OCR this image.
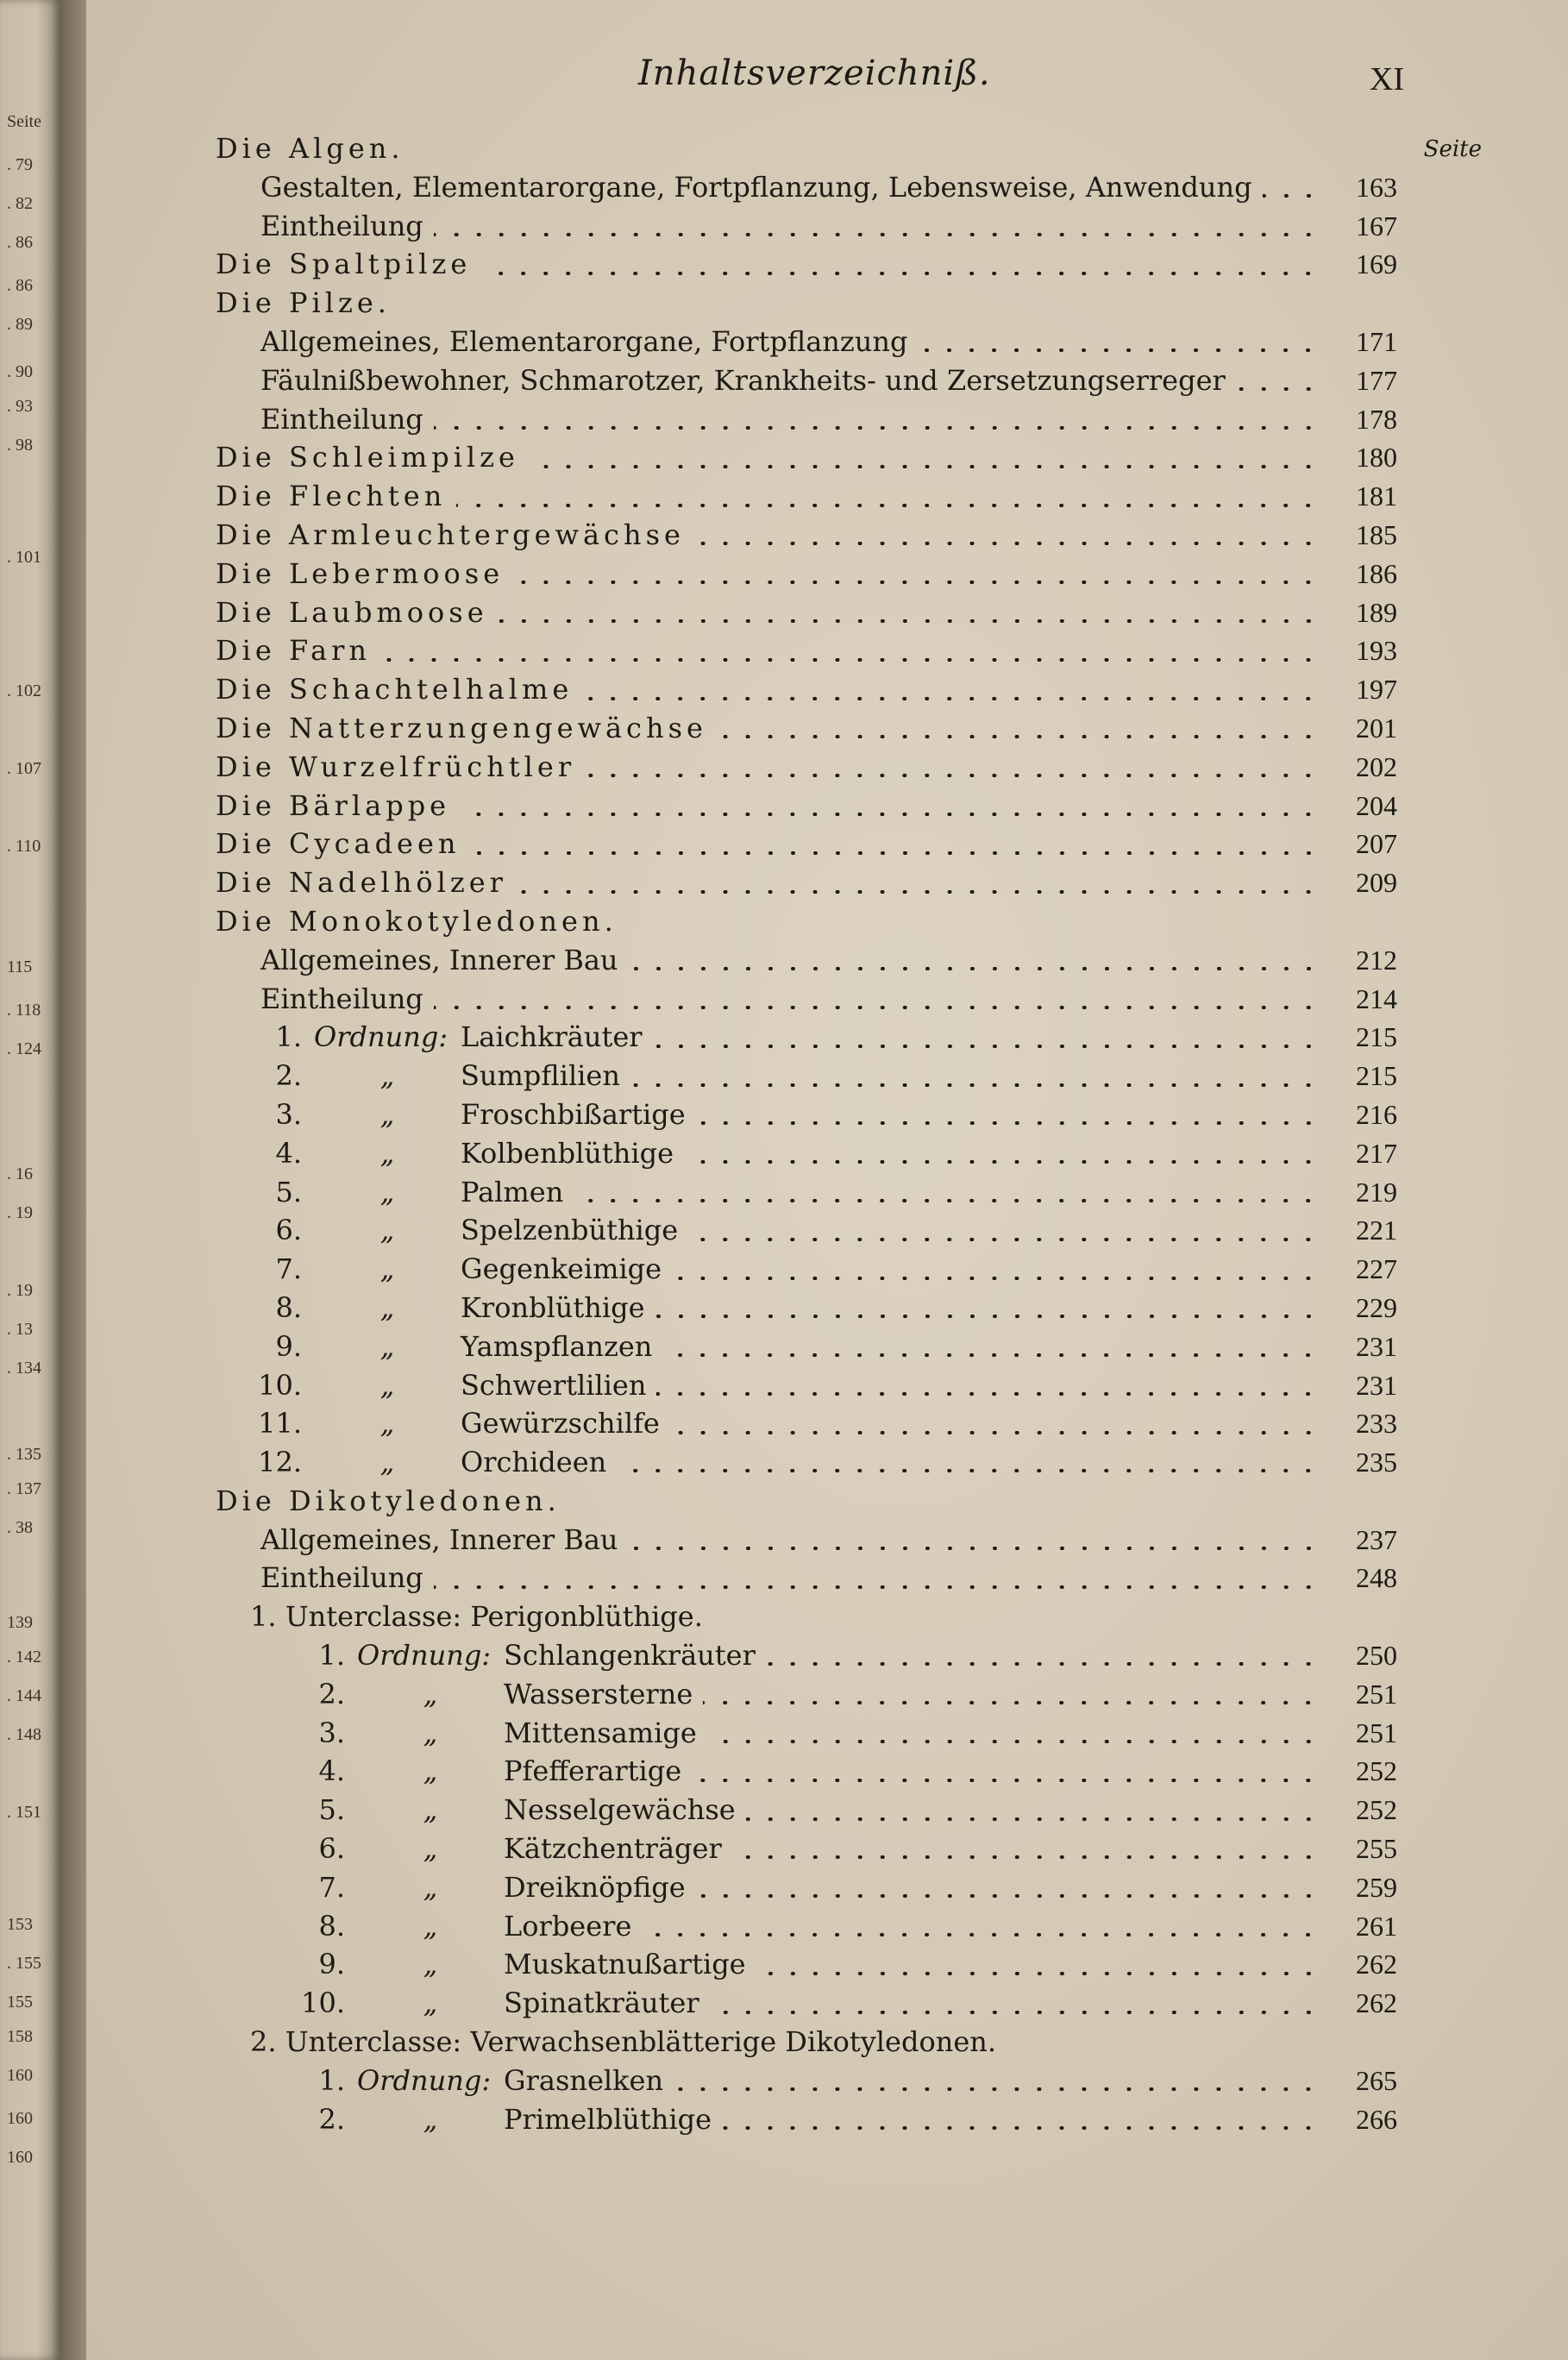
Seite
. 79
. 82
. 86
. 86
. 89
. 90
. 93
. 98
. 101
. 102
. 107
. 110
115
. 118
. 124
. 16
. 19
. 19
. 13
. 134
. 135
. 137
. 38
139
. 142
. 144
. 148
. 151
153
. 155
155
158
160
160
160
Inhaltsverzeichniß.	XI
Seite
Die Algen.
Gestalten, Elementarorgane, Fortpflanzung, Lebensweise, Anwendung	163
Eintheilung	167
Die Spaltpilze	169
Die Pilze.
Allgemeines, Elementarorgane, Fortpflanzung	171
Fäulnißbewohner, Schmarotzer, Krankheits- und Zersetzungserreger	177
Eintheilung	178
Die Schleimpilze	180
Die Flechten	181
Die Armleuchtergewächse	185
Die Lebermoose	186
Die Laubmoose	189
Die Farn	193
Die Schachtelhalme	197
Die Natterzungengewächse	201
Die Wurzelfrüchtler	202
Die Bärlappe	204
Die Cycadeen	207
Die Nadelhölzer	209
Die Monokotyledonen.
Allgemeines, Innerer Bau	212
Eintheilung	214
1. Ordnung: Laichkräuter	215
2.	„	Sumpflilien	215
3.	„	Froschbißartige	216
4.	„	Kolbenblüthige	217
5.	„	Palmen	219
6.	„	Spelzenbüthige	221
7.	„	Gegenkeimige	227
8.	„	Kronblüthige	229
9.	„	Yamspflanzen	231
10.	„	Schwertlilien	231
11.	„	Gewürzschilfe	233
12.	„	Orchideen	235
Die Dikotyledonen.
Allgemeines, Innerer Bau	237
Eintheilung	248
1. Unterclasse: Perigonblüthige.
1. Ordnung: Schlangenkräuter	250
2.	„	Wassersterne	251
3.	„	Mittensamige	251
4.	„	Pfefferartige	252
5.	„	Nesselgewächse	252
6.	„	Kätzchenträger	255
7.	„	Dreiknöpfige	259
8.	„	Lorbeere	261
9.	„	Muskatnußartige	262
10.	„	Spinatkräuter	262
2. Unterclasse: Verwachsenblätterige Dikotyledonen.
1. Ordnung: Grasnelken	265
2.	„	Primelblüthige	266
